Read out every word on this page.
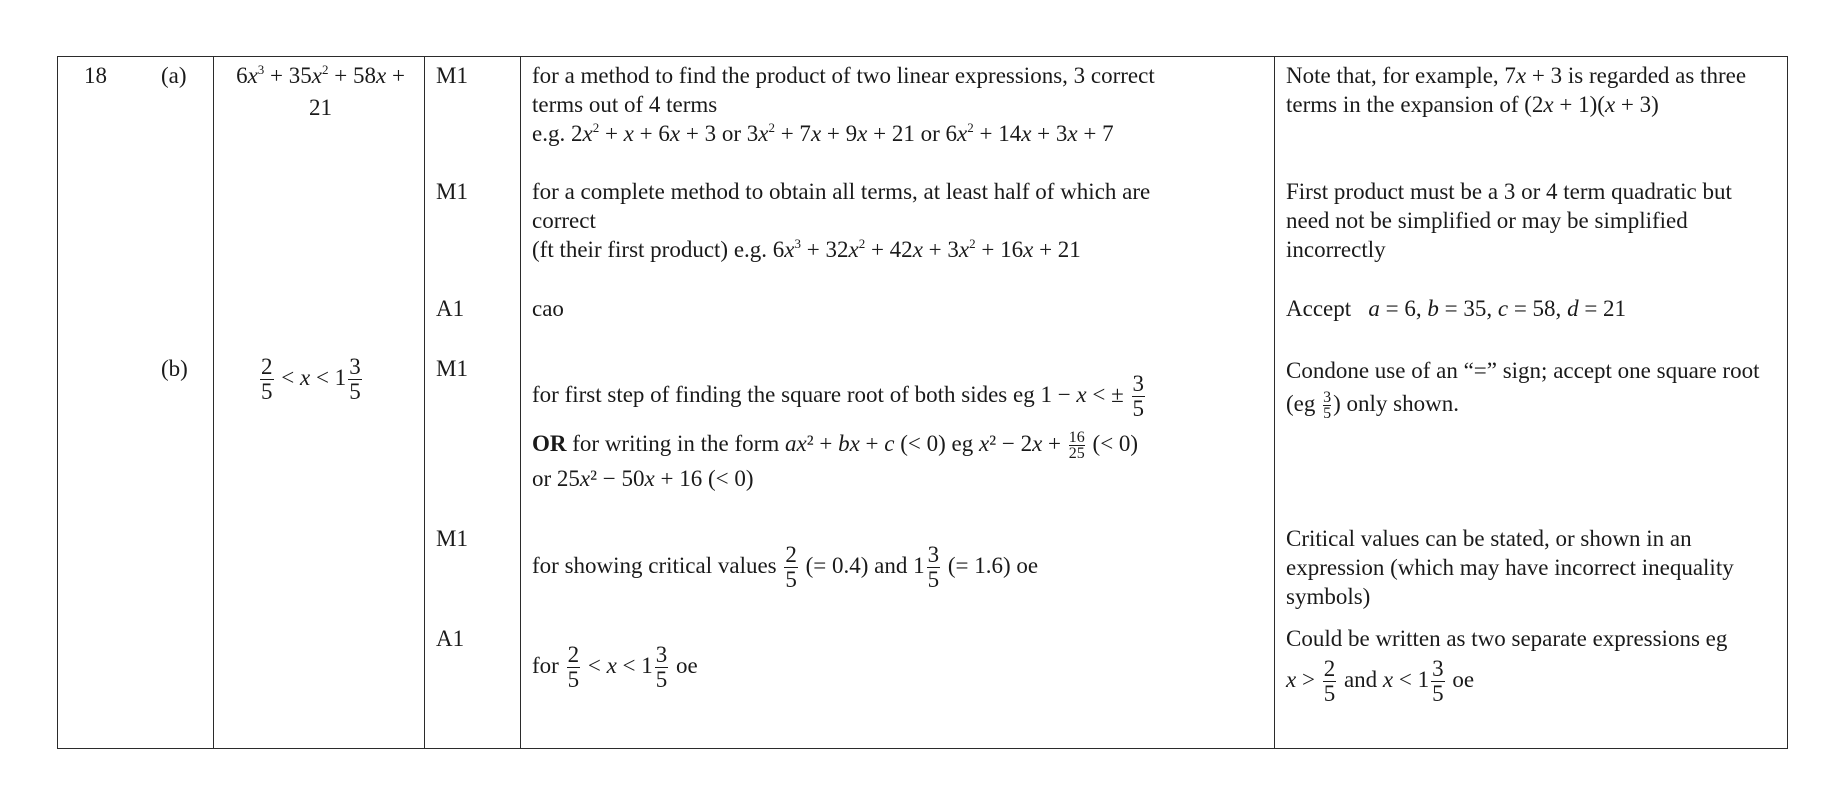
18 (a)
(b)
$6x^3 + 35x^2 + 58x$ +
21
$\frac{2}{5} < x < 1 \frac{3}{5}$
M1
M1
A1
M1
M1
A1
for a method to find the product of two linear expressions, 3 correct
terms out of 4 terms
e.g. $2x^2 + x + 6x + 3$ or $3x^2 + 7x + 9x + 21$ or $6x^2 + 14x + 3x + 7$
for a complete method to obtain all terms, at least half of which are
correct
(ft their first product) e.g. $6x^3 + 32x^2 + 42x + 3x^2 + 16x + 21$
cao
for first step of finding the square root of both sides eg 1 − x < ± $\frac{3}{5}$
OR for writing in the form ax² + bx + c (< 0) eg $x^2 - 2x + \frac{16}{25}$ (< 0)
or 25x² − 50x + 16 (< 0)
for showing critical values $\frac{2}{5}$ (= 0.4) and $1 \frac{3}{5}$ (= 1.6) oe
for $\frac{2}{5} < x < 1 \frac{3}{5}$ oe
Note that, for example, 7x + 3 is regarded as three terms in the expansion of (2x + 1)(x + 3)
First product must be a 3 or 4 term quadratic but need not be simplified or may be simplified incorrectly
Accept   a = 6, b = 35, c = 58, d = 21
Condone use of an “=” sign; accept one square root ($eg \frac{3}{5}$ ) only shown.
Critical values can be stated, or shown in an expression (which may have incorrect inequality symbols)
Could be written as two separate expressions eg
$x > \frac{2}{5}$ and $x < 1 \frac{3}{5}$ oe
